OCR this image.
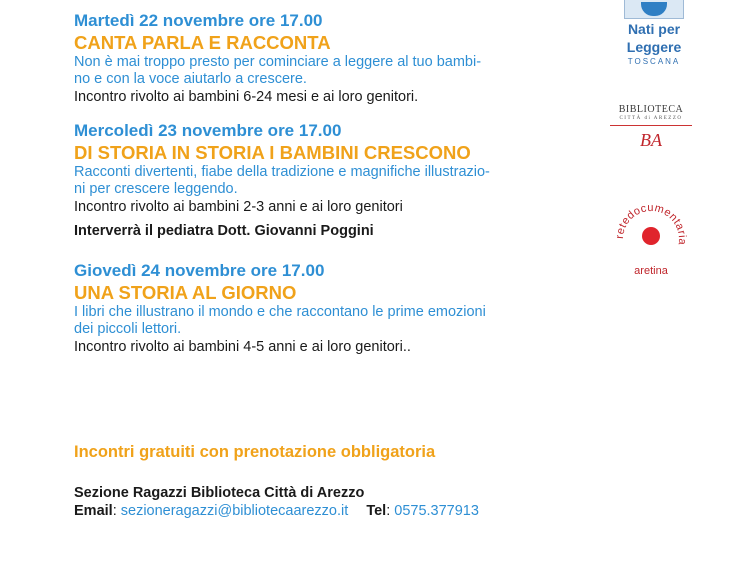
Martedì 22 novembre ore 17.00
CANTA PARLA E RACCONTA
Non è mai troppo presto per cominciare a leggere al tuo bambi-
no e con la voce aiutarlo a crescere.
Incontro rivolto ai bambini 6-24 mesi e ai loro genitori.
Mercoledì 23 novembre ore 17.00
DI STORIA IN STORIA I BAMBINI CRESCONO
Racconti divertenti, fiabe della tradizione e magnifiche illustrazio-
ni per crescere leggendo.
Incontro rivolto ai bambini 2-3 anni e ai loro genitori
Interverrà il pediatra Dott. Giovanni Poggini
Giovedì 24 novembre ore 17.00
UNA STORIA AL GIORNO
I libri che illustrano il mondo e che raccontano le prime emozioni
dei piccoli lettori.
Incontro rivolto ai bambini 4-5 anni e ai loro genitori..
Incontri gratuiti con prenotazione obbligatoria
Sezione Ragazzi Biblioteca Città di Arezzo
Email: sezioneragazzi@bibliotecaarezzo.it Tel: 0575.377913
Nati per
Leggere
TOSCANA
BIBLIOTECA
CITTÀ di AREZZO
BA
retedocumentaria
aretina
